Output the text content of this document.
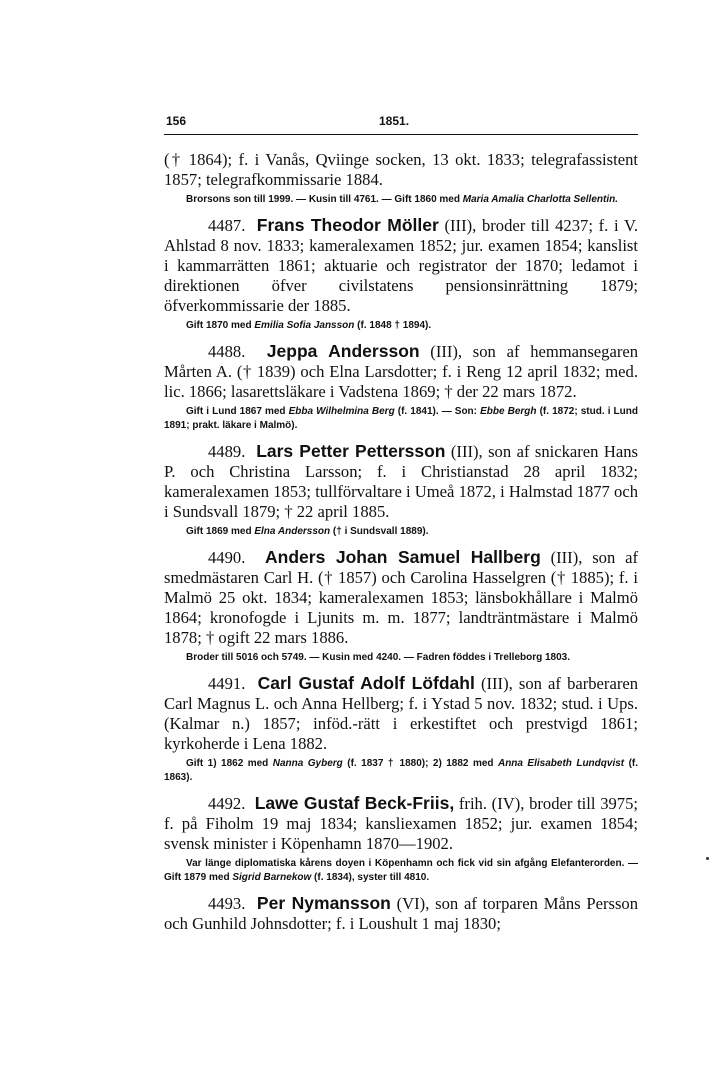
156	1851.

(† 1864); f. i Vanås, Qviinge socken, 13 okt. 1833; telegrafassistent 1857; telegrafkommissarie 1884.

Brorsons son till 1999. — Kusin till 4761. — Gift 1860 med Maria Amalia Charlotta Sellentin.

4487. Frans Theodor Möller (III), broder till 4237; f. i V. Ahlstad 8 nov. 1833; kameralexamen 1852; jur. examen 1854; kanslist i kammarrätten 1861; aktuarie och registrator der 1870; ledamot i direktionen öfver civilstatens pensionsinrättning 1879; öfverkommissarie der 1885.

Gift 1870 med Emilia Sofia Jansson (f. 1848 † 1894).

4488. Jeppa Andersson (III), son af hemmansegaren Mårten A. († 1839) och Elna Larsdotter; f. i Reng 12 april 1832; med. lic. 1866; lasarettsläkare i Vadstena 1869; † der 22 mars 1872.

Gift i Lund 1867 med Ebba Wilhelmina Berg (f. 1841). — Son: Ebbe Bergh (f. 1872; stud. i Lund 1891; prakt. läkare i Malmö).

4489. Lars Petter Pettersson (III), son af snickaren Hans P. och Christina Larsson; f. i Christianstad 28 april 1832; kameralexamen 1853; tullförvaltare i Umeå 1872, i Halmstad 1877 och i Sundsvall 1879; † 22 april 1885.

Gift 1869 med Elna Andersson († i Sundsvall 1889).

4490. Anders Johan Samuel Hallberg (III), son af smedmästaren Carl H. († 1857) och Carolina Hasselgren († 1885); f. i Malmö 25 okt. 1834; kameralexamen 1853; länsbokhållare i Malmö 1864; kronofogde i Ljunits m. m. 1877; landträntmästare i Malmö 1878; † ogift 22 mars 1886.

Broder till 5016 och 5749. — Kusin med 4240. — Fadren föddes i Trelleborg 1803.

4491. Carl Gustaf Adolf Löfdahl (III), son af barberaren Carl Magnus L. och Anna Hellberg; f. i Ystad 5 nov. 1832; stud. i Ups. (Kalmar n.) 1857; inföd.-rätt i erkestiftet och prestvigd 1861; kyrkoherde i Lena 1882.

Gift 1) 1862 med Nanna Gyberg (f. 1837 † 1880); 2) 1882 med Anna Elisabeth Lundqvist (f. 1863).

4492. Lawe Gustaf Beck-Friis, frih. (IV), broder till 3975; f. på Fiholm 19 maj 1834; kansliexamen 1852; jur. examen 1854; svensk minister i Köpenhamn 1870—1902.

Var länge diplomatiska kårens doyen i Köpenhamn och fick vid sin afgång Elefanterorden. — Gift 1879 med Sigrid Barnekow (f. 1834), syster till 4810.

4493. Per Nymansson (VI), son af torparen Måns Persson och Gunhild Johnsdotter; f. i Loushult 1 maj 1830;
